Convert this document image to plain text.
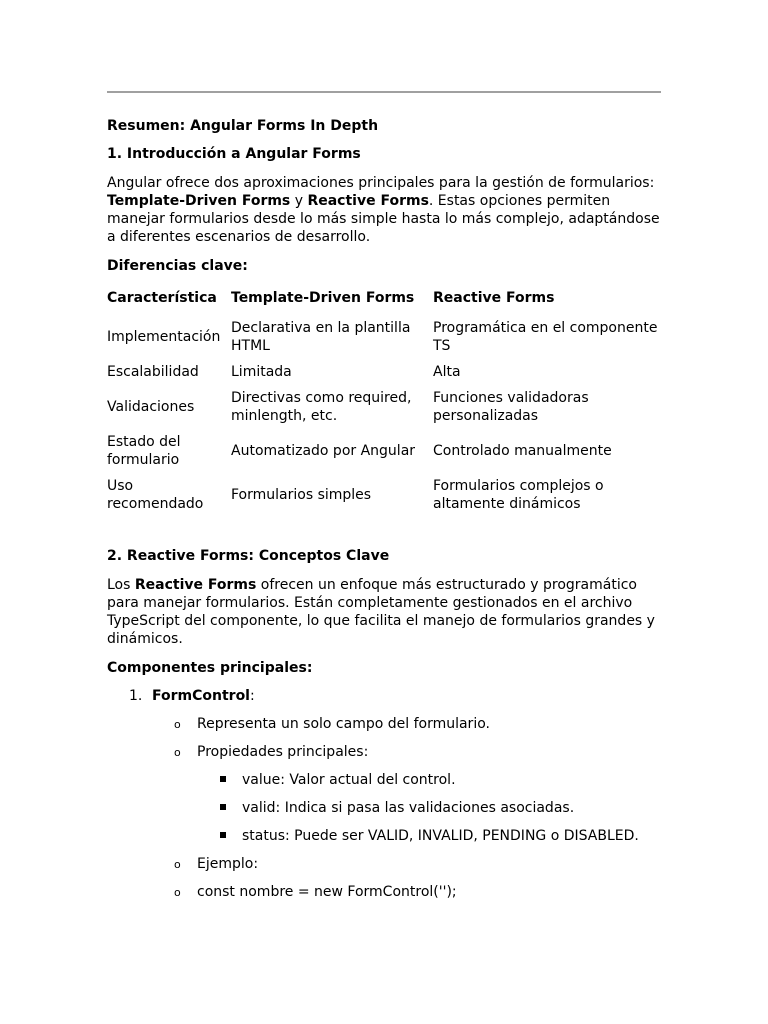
Resumen: Angular Forms In Depth
1. Introducción a Angular Forms
Angular ofrece dos aproximaciones principales para la gestión de formularios: Template-Driven Forms y Reactive Forms. Estas opciones permiten manejar formularios desde lo más simple hasta lo más complejo, adaptándose a diferentes escenarios de desarrollo.
Diferencias clave:
Característica	Template-Driven Forms	Reactive Forms
Implementación	Declarativa en la plantilla HTML	Programática en el componente TS
Escalabilidad	Limitada	Alta
Validaciones	Directivas como required, minlength, etc.	Funciones validadoras personalizadas
Estado del formulario	Automatizado por Angular	Controlado manualmente
Uso recomendado	Formularios simples	Formularios complejos o altamente dinámicos
2. Reactive Forms: Conceptos Clave
Los Reactive Forms ofrecen un enfoque más estructurado y programático para manejar formularios. Están completamente gestionados en el archivo TypeScript del componente, lo que facilita el manejo de formularios grandes y dinámicos.
Componentes principales:
1. FormControl:
o Representa un solo campo del formulario.
o Propiedades principales:
value: Valor actual del control.
valid: Indica si pasa las validaciones asociadas.
status: Puede ser VALID, INVALID, PENDING o DISABLED.
o Ejemplo:
o const nombre = new FormControl('');
